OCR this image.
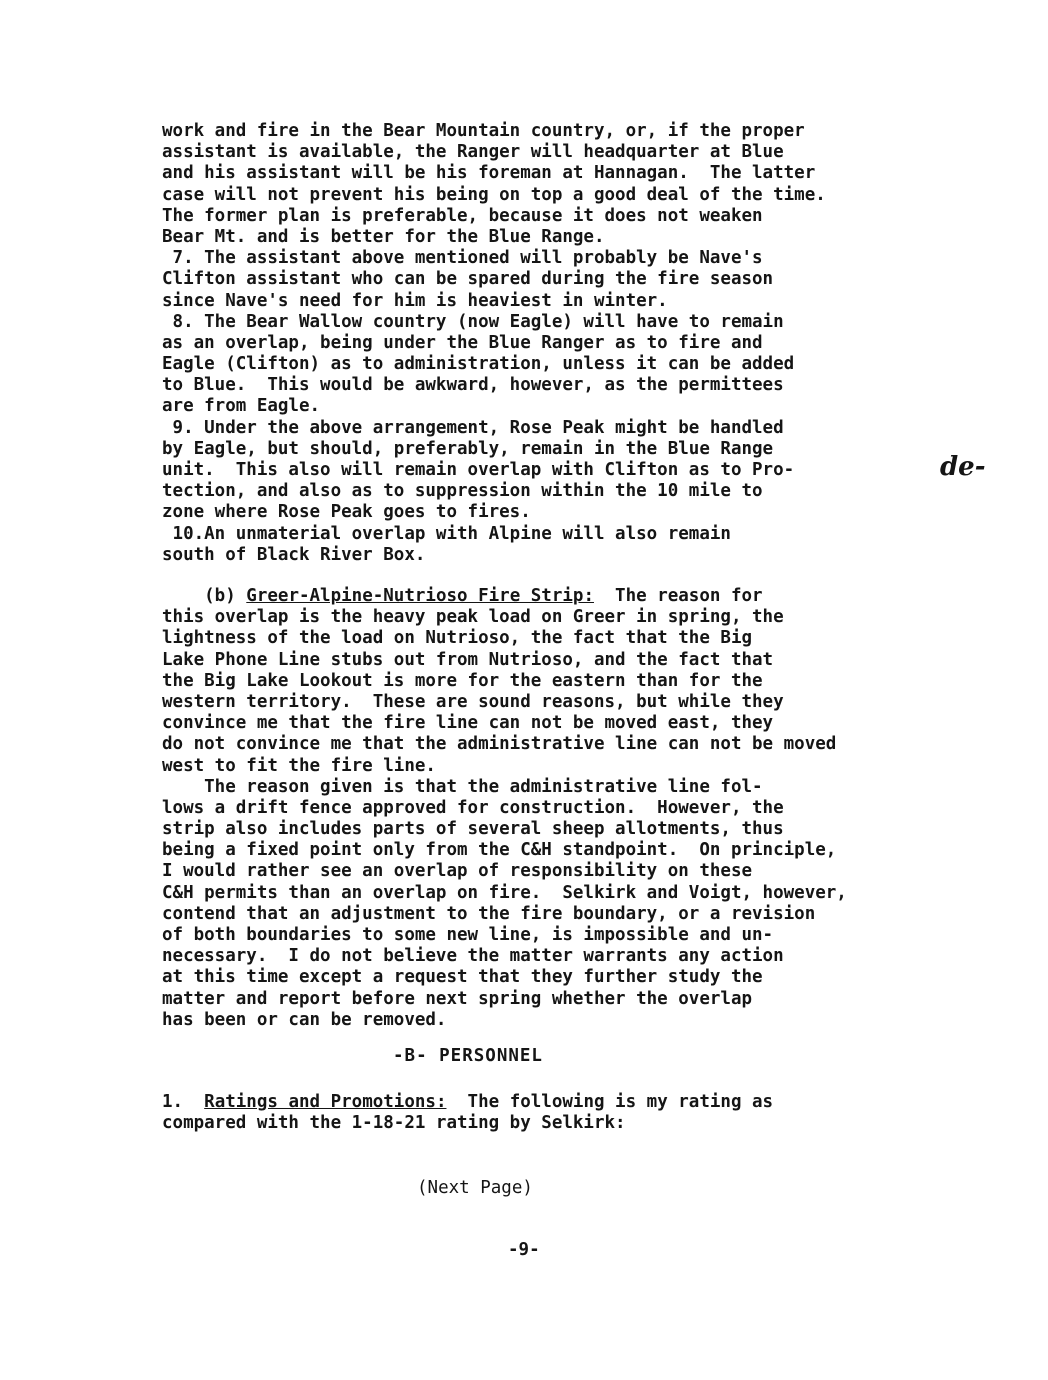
work and fire in the Bear Mountain country, or, if the proper
assistant is available, the Ranger will headquarter at Blue
and his assistant will be his foreman at Hannagan.  The latter
case will not prevent his being on top a good deal of the time.
The former plan is preferable, because it does not weaken
Bear Mt. and is better for the Blue Range.
7. The assistant above mentioned will probably be Nave's
Clifton assistant who can be spared during the fire season
since Nave's need for him is heaviest in winter.
8. The Bear Wallow country (now Eagle) will have to remain
as an overlap, being under the Blue Ranger as to fire and
Eagle (Clifton) as to administration, unless it can be added
to Blue.  This would be awkward, however, as the permittees
are from Eagle.
9. Under the above arrangement, Rose Peak might be handled
by Eagle, but should, preferably, remain in the Blue Range
unit.  This also will remain overlap with Clifton as to Pro-
tection, and also as to suppression within the 10 mile to
zone where Rose Peak goes to fires.
10.An unmaterial overlap with Alpine will also remain
south of Black River Box.
de-
(b) Greer-Alpine-Nutrioso Fire Strip:  The reason for
this overlap is the heavy peak load on Greer in spring, the
lightness of the load on Nutrioso, the fact that the Big
Lake Phone Line stubs out from Nutrioso, and the fact that
the Big Lake Lookout is more for the eastern than for the
western territory.  These are sound reasons, but while they
convince me that the fire line can not be moved east, they
do not convince me that the administrative line can not be moved
west to fit the fire line.
The reason given is that the administrative line fol-
lows a drift fence approved for construction.  However, the
strip also includes parts of several sheep allotments, thus
being a fixed point only from the C&H standpoint.  On principle,
I would rather see an overlap of responsibility on these
C&H permits than an overlap on fire.  Selkirk and Voigt, however,
contend that an adjustment to the fire boundary, or a revision
of both boundaries to some new line, is impossible and un-
necessary.  I do not believe the matter warrants any action
at this time except a request that they further study the
matter and report before next spring whether the overlap
has been or can be removed.
-B- PERSONNEL
1.  Ratings and Promotions:  The following is my rating as
compared with the 1-18-21 rating by Selkirk:
(Next Page)
-9-
